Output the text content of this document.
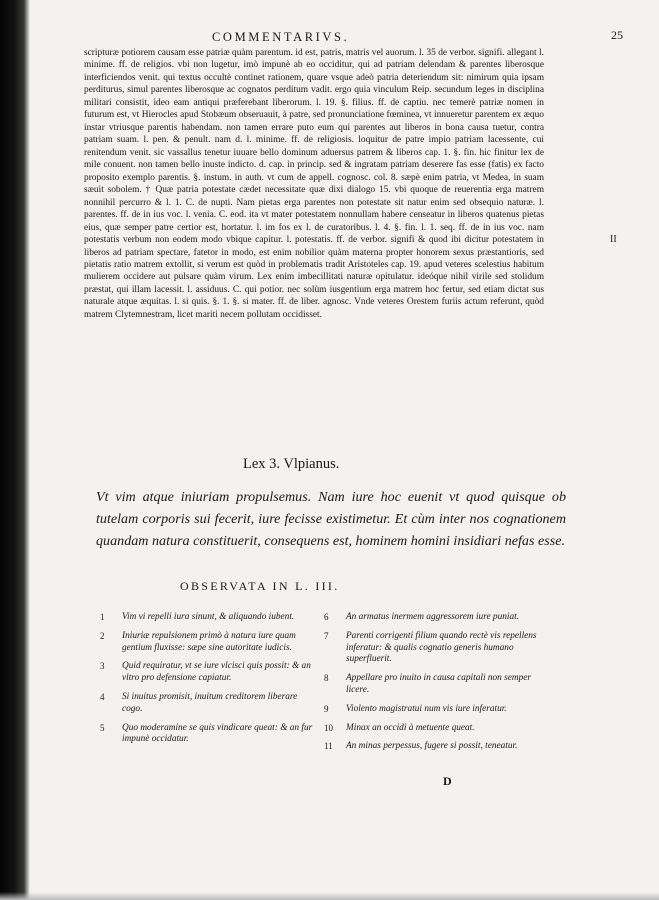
COMMENTARIVS.	25

scripturæ potiorem causam esse patriæ quàm parentum. id est, patris, matris vel auorum. l. 35 de verbor. signifi. allegant l. minime. ff. de religios. vbi non lugetur, imò impunè ab eo occiditur, qui ad patriam delendam & parentes liberosque interficiendos venit. qui textus occultè continet rationem, quare vsque adeò patria deteriendum sit: nimirum quia ipsam perditurus, simul parentes liberosque ac cognatos perditum vadit. ergo quia vinculum Reip. secundum leges in disciplina militari consistit, ideo eam antiqui præferebant liberorum. l. 19. §. filius. ff. de captiu. nec temerè patriæ nomen in futurum est, vt Hierocles apud Stobæum obseruauit, à patre, sed pronunciatione fœminea, vt innueretur parentem ex æquo instar vtriusque parentis habendam. non tamen errare puto eum qui parentes aut liberos in bona causa tuetur, contra patriam suam. l. pen. & penult. nam d. l. minime. ff. de religiosis. loquitur de patre impio patriam lacessente, cui renitendum venit. sic vassallus tenetur iuuare bello dominum aduersus patrem & liberos cap. 1. §. fin. hic finitur lex de mile conuent. non tamen bello inuste indicto. d. cap. in princip. sed & ingratam patriam deserere fas esse (fatis) ex facto proposito exemplo parentis. §. instum. in auth. vt cum de appell. cognosc. col. 8. sæpè enim patria, vt Medea, in suam sæuit sobolem. † Quæ patria potestate cædet necessitate quæ dixi dialogo 15. vbi quoque de reuerentia erga matrem nonnihil percurro & l. 1. C. de nupti. Nam pietas erga parentes non potestate sit natur enim sed obsequio naturæ. l. parentes. ff. de in ius voc. l. venia. C. eod. ita vt mater potestatem nonnullam habere censeatur in liberos quatenus pietas eius, quæ semper patre certior est, hortatur. l. im fos ex l. de curatoribus. l. 4. §. fin. l. 1. seq. ff. de in ius voc. nam potestatis verbum non eodem modo vbique capitur. l. potestatis. ff. de verbor. signifi & quod ibi dicitur potestatem in liberos ad patriam spectare, fatetor in modo, est enim nobilior quàm materna propter honorem sexus præstantioris, sed pietatis ratio matrem extollit, si verum est quòd in problematis tradit Aristoteles cap. 19. apud veteres scelestius habitum mulierem occidere aut pulsare quàm virum. Lex enim imbecillitati naturæ opitulatur. ideóque nihil virile sed stolidum præstat, qui illam lacessit. l. assiduus. C. qui potior. nec solùm iusgentium erga matrem hoc fertur, sed etiam dictat sus naturale atque æquitas. l. si quis. §. 1. §. si mater. ff. de liber. agnosc. Vnde veteres Orestem furiis actum referunt, quòd matrem Clytemnestram, licet mariti necem pollutam occidisset.

II
Lex 3. Vlpianus.

Vt vim atque iniuriam propulsemus. Nam iure hoc euenit vt quod quisque ob tutelam corporis sui fecerit, iure fecisse existimetur. Et cùm inter nos cognationem quandam natura constituerit, consequens est, hominem homini insidiari nefas esse.

OBSERVATA IN L. III.
1	Vim vi repelli iura sinunt, & aliquando iubent.
2	Iniuriæ repulsionem primò à natura iure quam gentium fluxisse: sæpe sine autoritate iudicis.
3	Quid requiratur, vt se iure vlcisci quis possit: & an vltro pro defensione capiatur.
4	Si inuitus promisit, inuitum creditorem liberare cogo.
5	Quo moderamine se quis vindicare queat: & an fur impunè occidatur.
6	An armatus inermem aggressorem iure puniat.
7	Parenti corrigenti filium quando rectè vis repellens inferatur: & qualis cognatio generis humano superfluerit.
8	Appellare pro inuito in causa capitali non semper licere.
9	Violento magistratui num vis iure inferatur.
10	Minax an occidi à metuente queat.
11	An minas perpessus, fugere si possit, teneatur.
D
